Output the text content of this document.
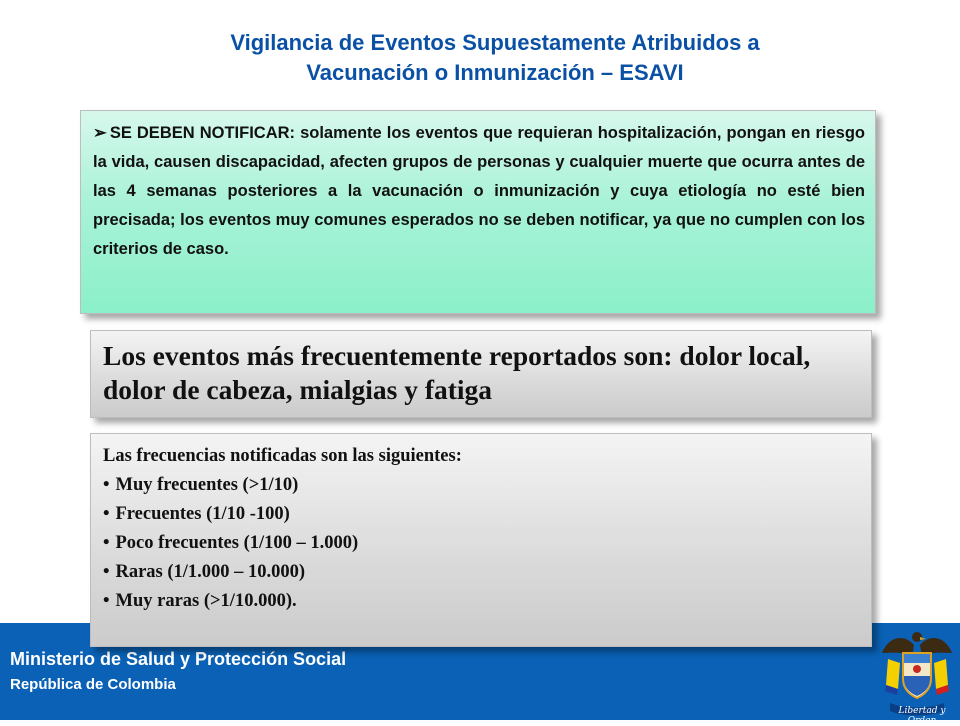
Vigilancia de Eventos Supuestamente Atribuidos a
Vacunación o Inmunización – ESAVI
➢ SE DEBEN NOTIFICAR: solamente los eventos que requieran hospitalización, pongan en riesgo la vida, causen discapacidad, afecten grupos de personas y cualquier muerte que ocurra antes de las 4 semanas posteriores a la vacunación o inmunización y cuya etiología no esté bien precisada; los eventos muy comunes esperados no se deben notificar, ya que no cumplen con los criterios de caso.
Los eventos más frecuentemente reportados son: dolor local, dolor de cabeza, mialgias y fatiga
Las frecuencias notificadas son las siguientes:
• Muy frecuentes (>1/10)
• Frecuentes (1/10 -100)
• Poco frecuentes (1/100 – 1.000)
• Raras (1/1.000 – 10.000)
• Muy raras (>1/10.000).
Ministerio de Salud y Protección Social
República de Colombia
Libertad y Orden
